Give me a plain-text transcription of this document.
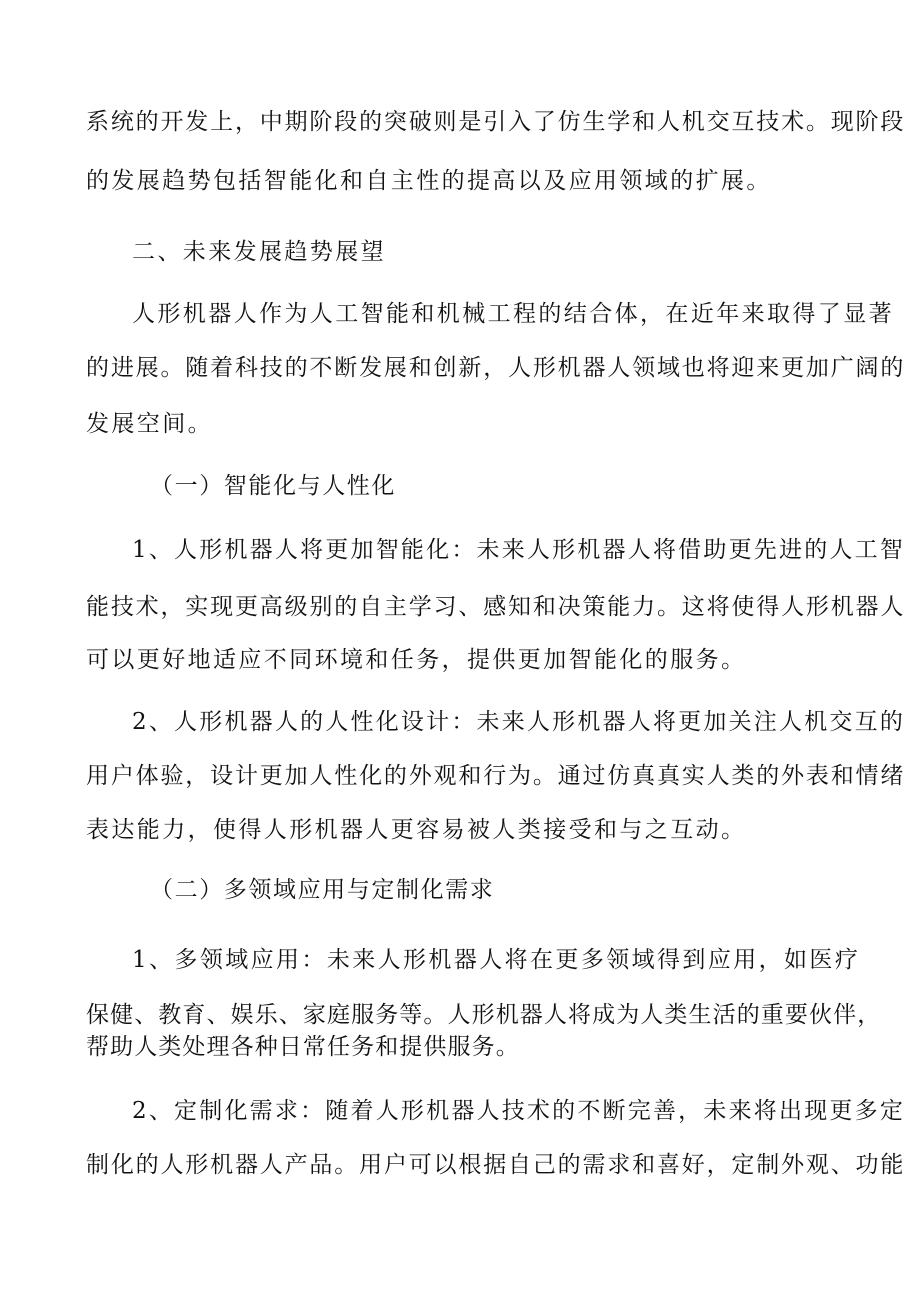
系统的开发上，中期阶段的突破则是引入了仿生学和人机交互技术。现阶段
的发展趋势包括智能化和自主性的提高以及应用领域的扩展。
二、未来发展趋势展望
人形机器人作为人工智能和机械工程的结合体，在近年来取得了显著
的进展。随着科技的不断发展和创新，人形机器人领域也将迎来更加广阔的
发展空间。
（一）智能化与人性化
1、人形机器人将更加智能化：未来人形机器人将借助更先进的人工智
能技术，实现更高级别的自主学习、感知和决策能力。这将使得人形机器人
可以更好地适应不同环境和任务，提供更加智能化的服务。
2、人形机器人的人性化设计：未来人形机器人将更加关注人机交互的
用户体验，设计更加人性化的外观和行为。通过仿真真实人类的外表和情绪
表达能力，使得人形机器人更容易被人类接受和与之互动。
（二）多领域应用与定制化需求
1、多领域应用：未来人形机器人将在更多领域得到应用，如医疗
保健、教育、娱乐、家庭服务等。人形机器人将成为人类生活的重要伙伴，
帮助人类处理各种日常任务和提供服务。
2、定制化需求：随着人形机器人技术的不断完善，未来将出现更多定
制化的人形机器人产品。用户可以根据自己的需求和喜好，定制外观、功能
